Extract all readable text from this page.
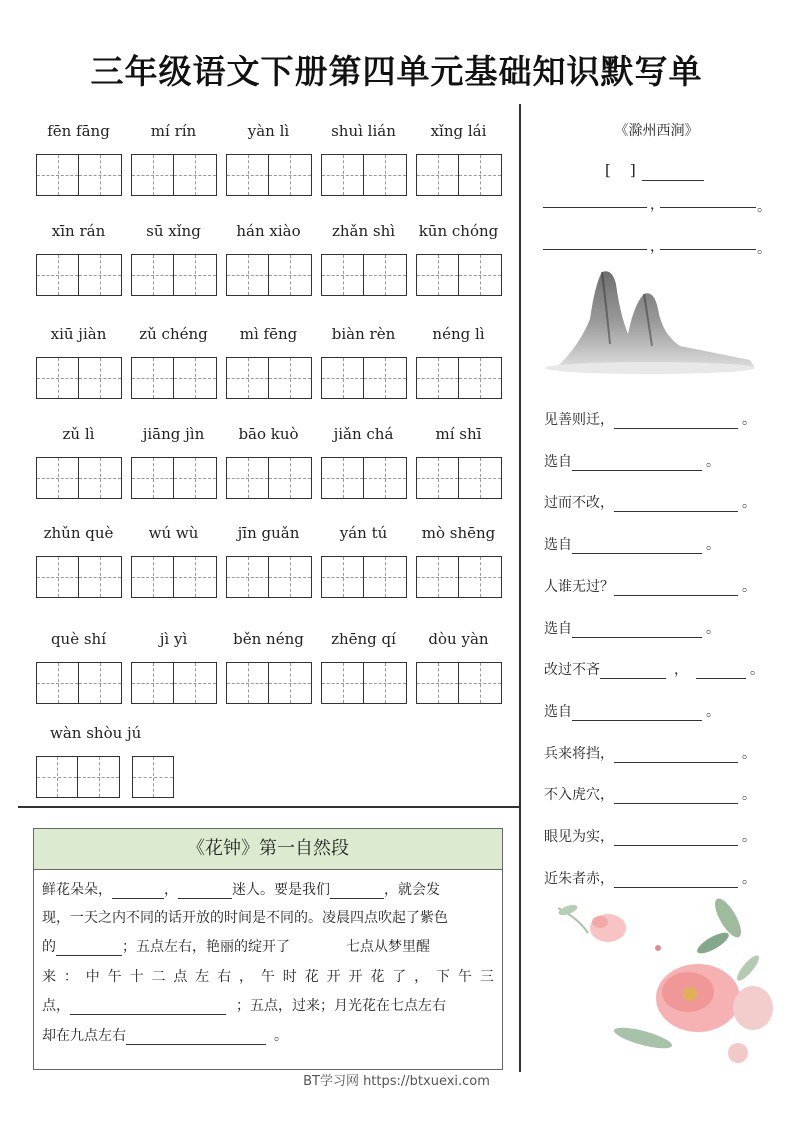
三年级语文下册第四单元基础知识默写单
fēn fāng	mí rín	yàn lì	shuì lián	xǐng lái
xīn rán	sū xǐng	hán xiào	zhǎn shì	kūn chóng
xiū jiàn	zǔ chéng	mì fēng	biàn rèn	néng lì
zǔ lì	jiāng jìn	bāo kuò	jiǎn chá	mí shī
zhǔn què	wú wù	jīn guǎn	yán tú	mò shēng
què shí	jì yì	běn néng	zhēng qí	dòu yàn
wàn shòu jú
《滁州西涧》
[    ]
，	。
，	。
见善则迁，	。
选自	。
过而不改，	。
选自	。
人谁无过？	。
选自	。
改过不吝	，	。
选自	。
兵来将挡，	。
不入虎穴，	。
眼见为实，	。
近朱者赤，	。
《花钟》第一自然段
鲜花朵朵，	，	迷人。要是我们	，就会发
现，一天之内不同的话开放的时间是不同的。凌晨四点吹起了紫色
的	；五点左右，艳丽的绽开了	七点从梦里醒
来 ： 中 午 十 二 点 左 右 ， 午 时 花 开 开 花 了 ， 下 午 三
点，	；五点，过来；月光花在七点左右
却在九点左右	。
BT学习网 https://btxuexi.com
